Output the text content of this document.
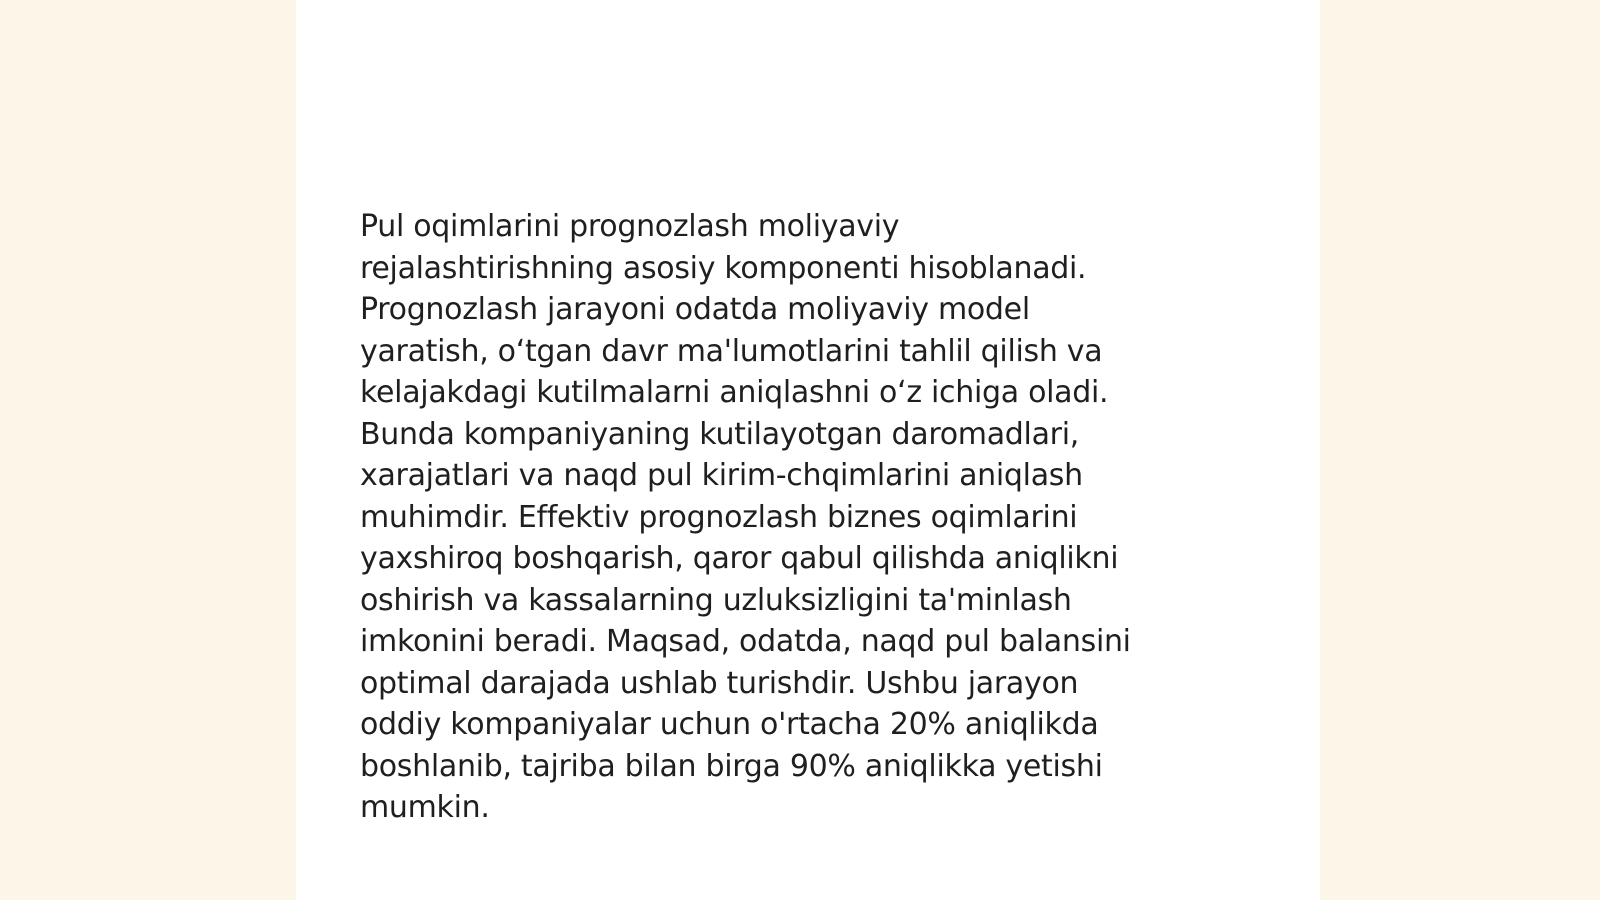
Pul oqimlarini prognozlash moliyaviy
rejalashtirishning asosiy komponenti hisoblanadi.
Prognozlash jarayoni odatda moliyaviy model
yaratish, o‘tgan davr ma'lumotlarini tahlil qilish va
kelajakdagi kutilmalarni aniqlashni o‘z ichiga oladi.
Bunda kompaniyaning kutilayotgan daromadlari,
xarajatlari va naqd pul kirim-chqimlarini aniqlash
muhimdir. Effektiv prognozlash biznes oqimlarini
yaxshiroq boshqarish, qaror qabul qilishda aniqlikni
oshirish va kassalarning uzluksizligini ta'minlash
imkonini beradi. Maqsad, odatda, naqd pul balansini
optimal darajada ushlab turishdir. Ushbu jarayon
oddiy kompaniyalar uchun o'rtacha 20% aniqlikda
boshlanib, tajriba bilan birga 90% aniqlikka yetishi
mumkin.
